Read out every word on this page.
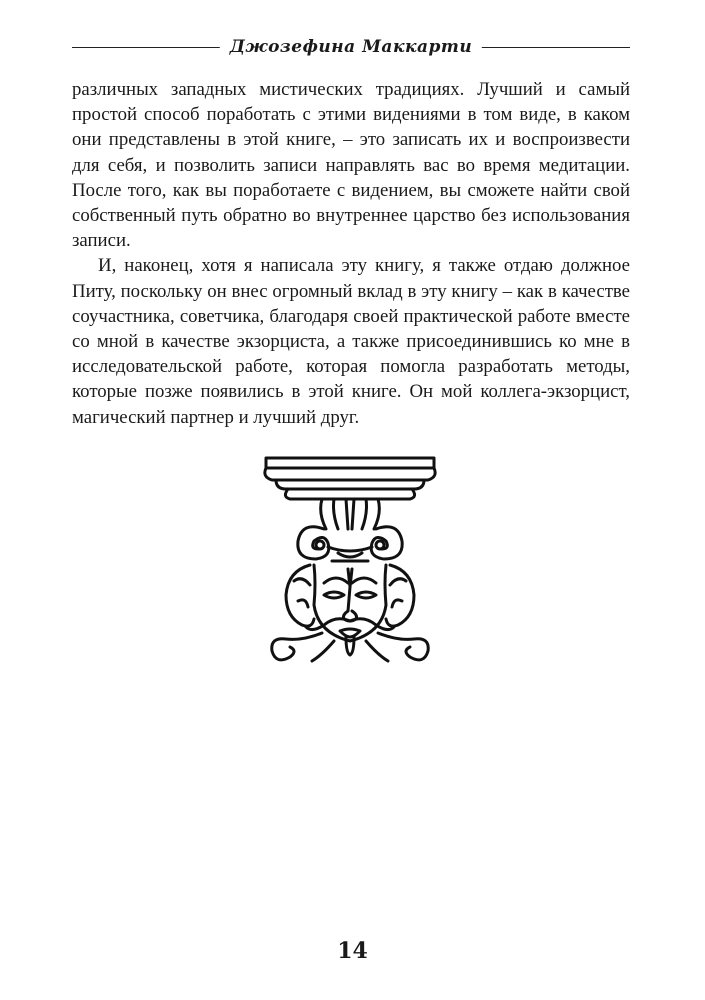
Джозефина Маккарти

различных западных мистических традициях. Лучший и самый простой способ поработать с этими видениями в том виде, в каком они представлены в этой книге, – это записать их и воспроизвести для себя, и позволить записи направлять вас во время медитации. После того, как вы поработаете с видением, вы сможете найти свой собственный путь обратно во внутреннее царство без использования записи.

И, наконец, хотя я написала эту книгу, я также отдаю должное Питу, поскольку он внес огромный вклад в эту книгу – как в качестве соучастника, советчика, благодаря своей практической работе вместе со мной в качестве экзорциста, а также присоединившись ко мне в исследовательской работе, которая помогла разработать методы, которые позже появились в этой книге. Он мой коллега-экзорцист, магический партнер и лучший друг.

14
